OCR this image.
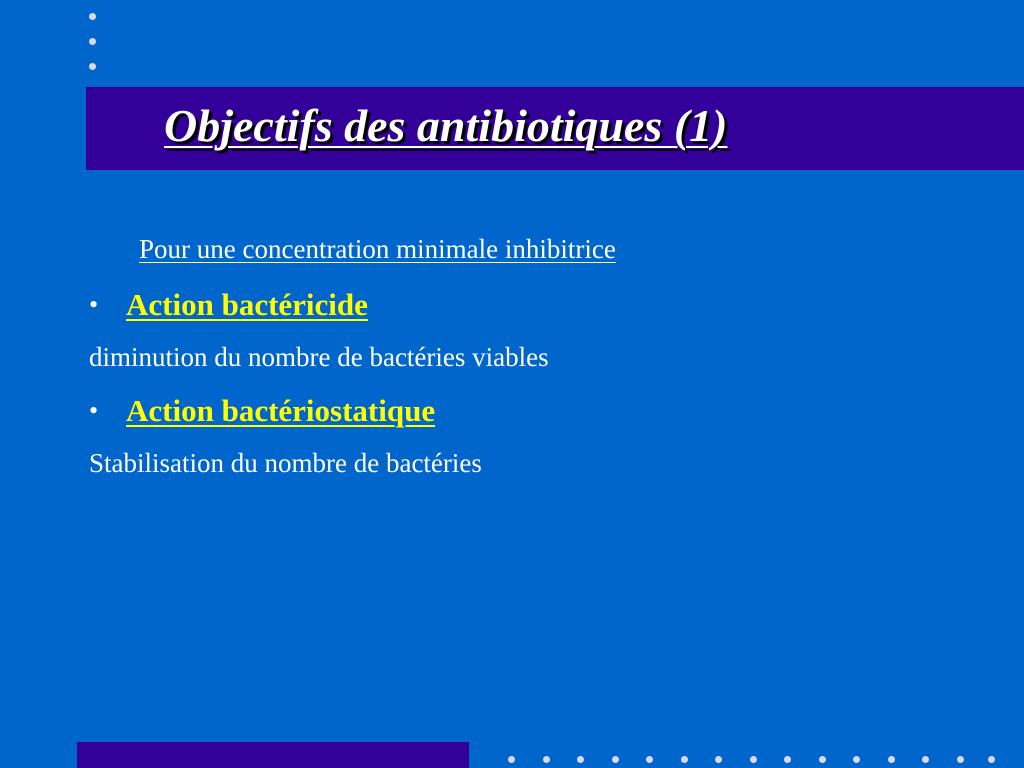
Objectifs des antibiotiques (1)

Pour une concentration minimale inhibitrice

• Action bactéricide

diminution du nombre de bactéries viables

• Action bactériostatique

Stabilisation du nombre de bactéries
